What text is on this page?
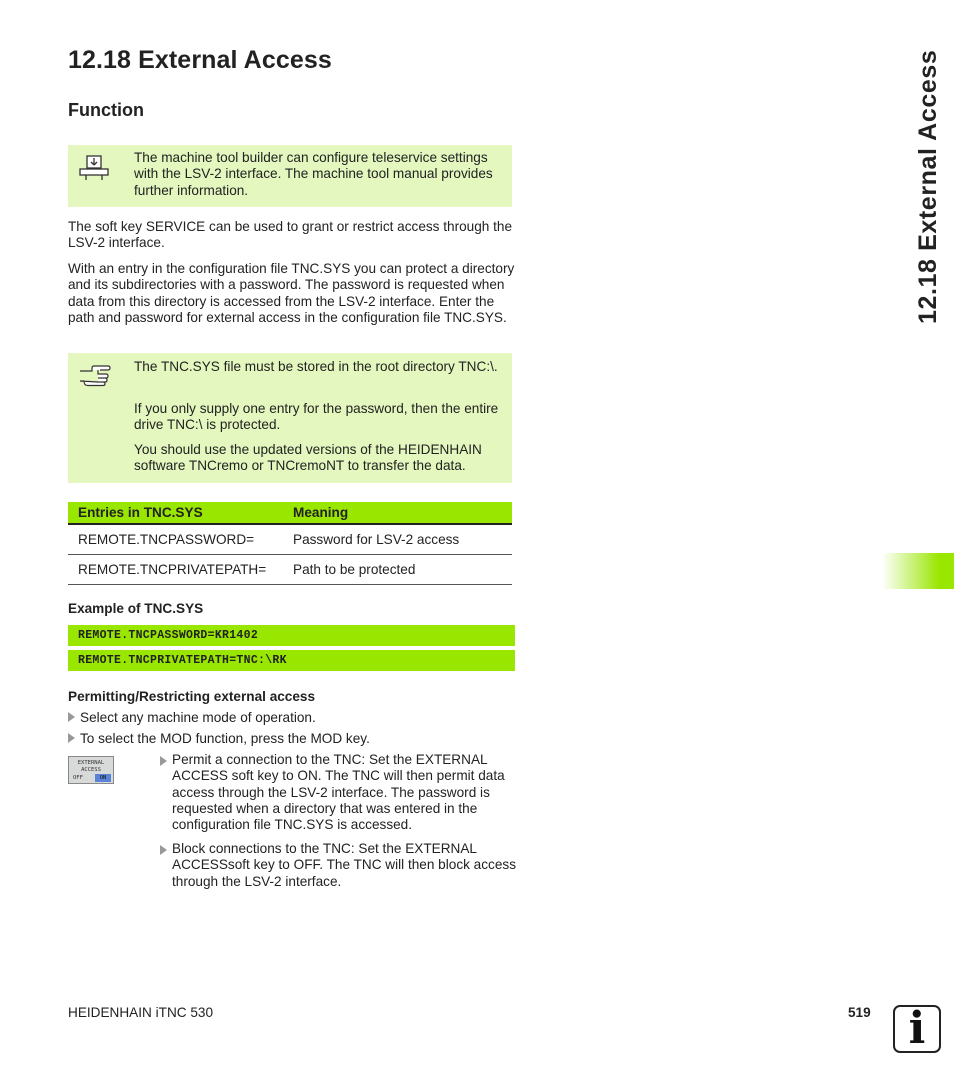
12.18 External Access	12.18 External Access
Function

The machine tool builder can configure teleservice settings with the LSV-2 interface. The machine tool manual provides further information.

The soft key SERVICE can be used to grant or restrict access through the LSV-2 interface.

With an entry in the configuration file TNC.SYS you can protect a directory and its subdirectories with a password. The password is requested when data from this directory is accessed from the LSV-2 interface. Enter the path and password for external access in the configuration file TNC.SYS.

The TNC.SYS file must be stored in the root directory TNC:\.

If you only supply one entry for the password, then the entire drive TNC:\ is protected.

You should use the updated versions of the HEIDENHAIN software TNCremo or TNCremoNT to transfer the data.

Entries in TNC.SYS	Meaning
REMOTE.TNCPASSWORD=	Password for LSV-2 access
REMOTE.TNCPRIVATEPATH=	Path to be protected

Example of TNC.SYS

REMOTE.TNCPASSWORD=KR1402
REMOTE.TNCPRIVATEPATH=TNC:\RK

Permitting/Restricting external access

Select any machine mode of operation.

To select the MOD function, press the MOD key.

EXTERNAL
ACCESS
OFF	ON

Permit a connection to the TNC: Set the EXTERNAL ACCESS soft key to ON. The TNC will then permit data access through the LSV-2 interface. The password is requested when a directory that was entered in the configuration file TNC.SYS is accessed.

Block connections to the TNC: Set the EXTERNAL ACCESSsoft key to OFF. The TNC will then block access through the LSV-2 interface.

HEIDENHAIN iTNC 530	519 i
